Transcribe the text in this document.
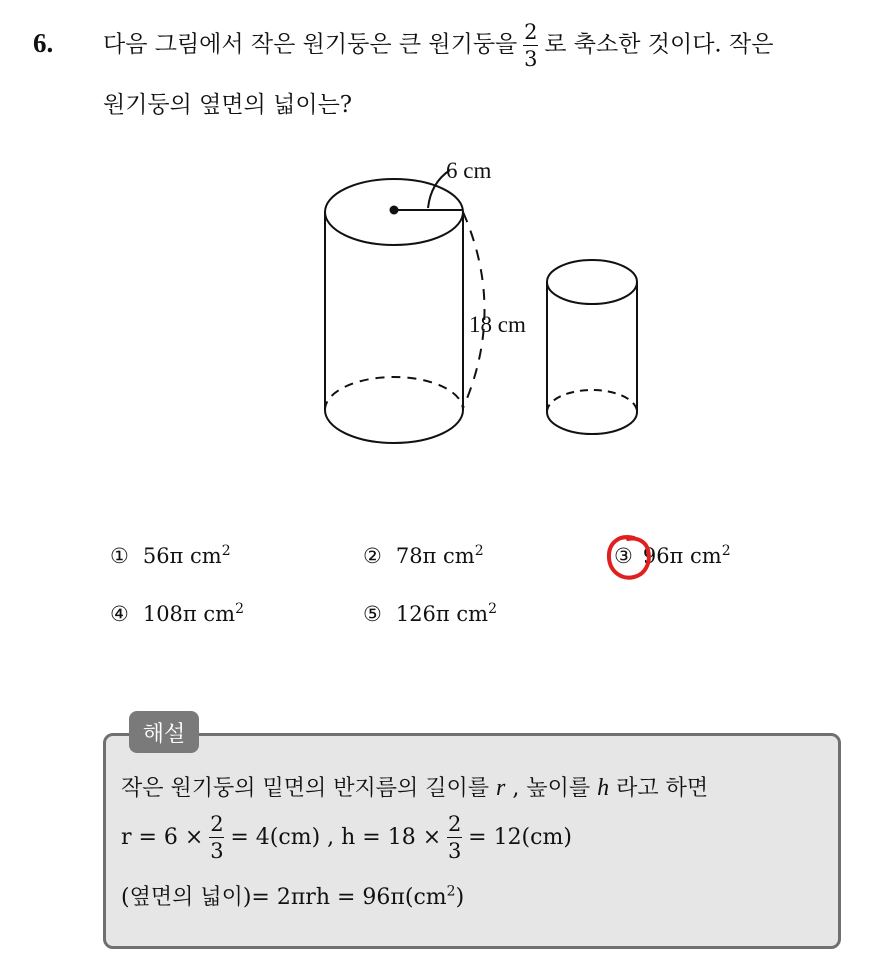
6. 다음 그림에서 작은 원기둥은 큰 원기둥을 $\frac{2}{3}$ 로 축소한 것이다. 작은
원기둥의 옆면의 넓이는?
6 cm
18 cm
① 56π $cm^2$	② 78π $cm^2$	③ 96π $cm^2$
④ 108π $cm^2$	⑤ 126π $cm^2$
해설
작은 원기둥의 밑면의 반지름의 길이를 r , 높이를 h 라고 하면
$r = 6 \times \frac{2}{3} = 4(cm)$ , $h = 18 \times \frac{2}{3} = 12(cm)$
(옆면의 넓이)= $2\pi rh = 96\pi(cm^2)$
